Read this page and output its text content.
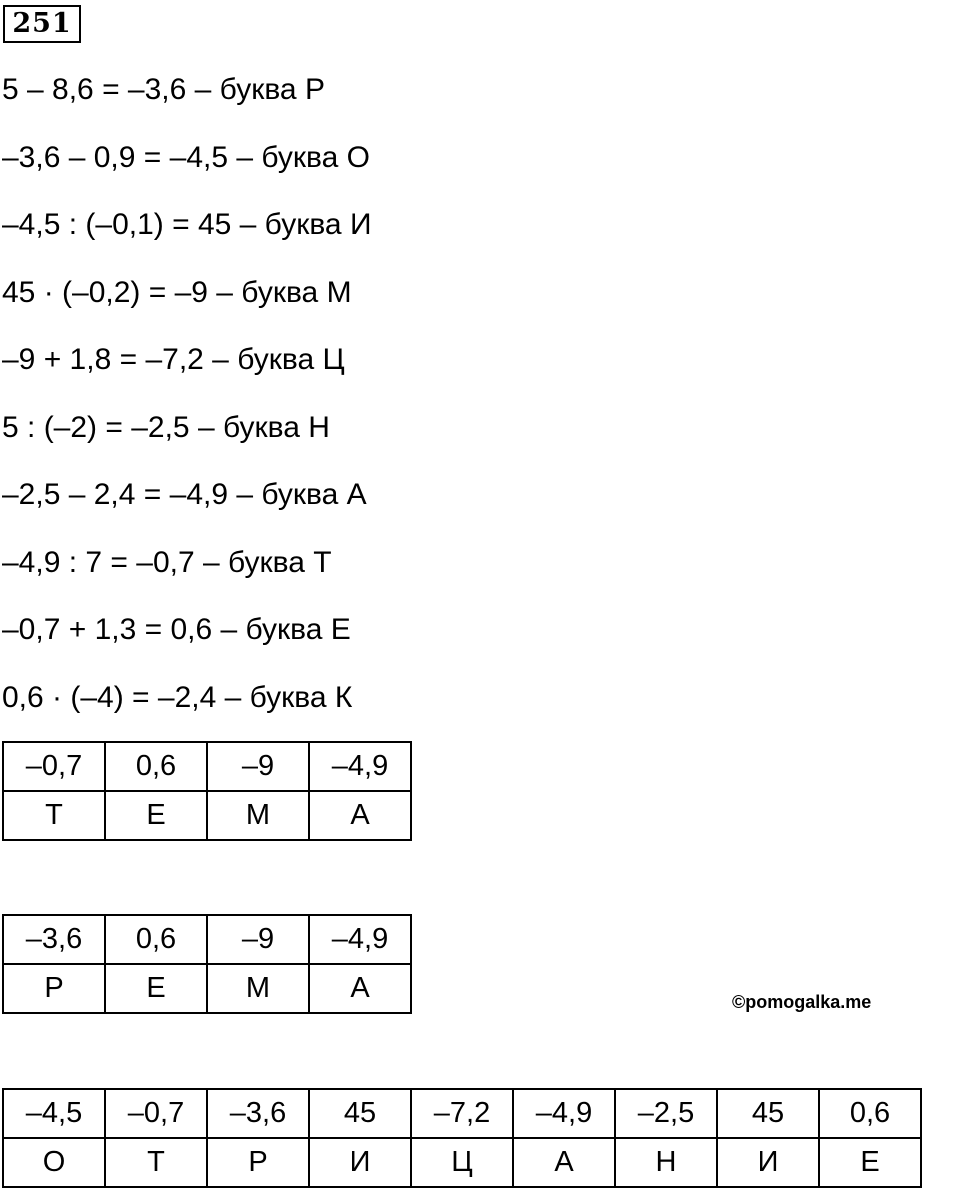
251
5 – 8,6 = –3,6 – буква Р
–3,6 – 0,9 = –4,5 – буква О
–4,5 : (–0,1) = 45 – буква И
45 · (–0,2) = –9 – буква М
–9 + 1,8 = –7,2 – буква Ц
5 : (–2) = –2,5 – буква Н
–2,5 – 2,4 = –4,9 – буква А
–4,9 : 7 = –0,7 – буква Т
–0,7 + 1,3 = 0,6 – буква Е
0,6 · (–4) = –2,4 – буква К
–0,7	0,6	–9	–4,9
Т	Е	М	А
–3,6	0,6	–9	–4,9
Р	Е	М	А	©pomogalka.me
–4,5	–0,7	–3,6	45	–7,2	–4,9	–2,5	45	0,6
О	Т	Р	И	Ц	А	Н	И	Е
